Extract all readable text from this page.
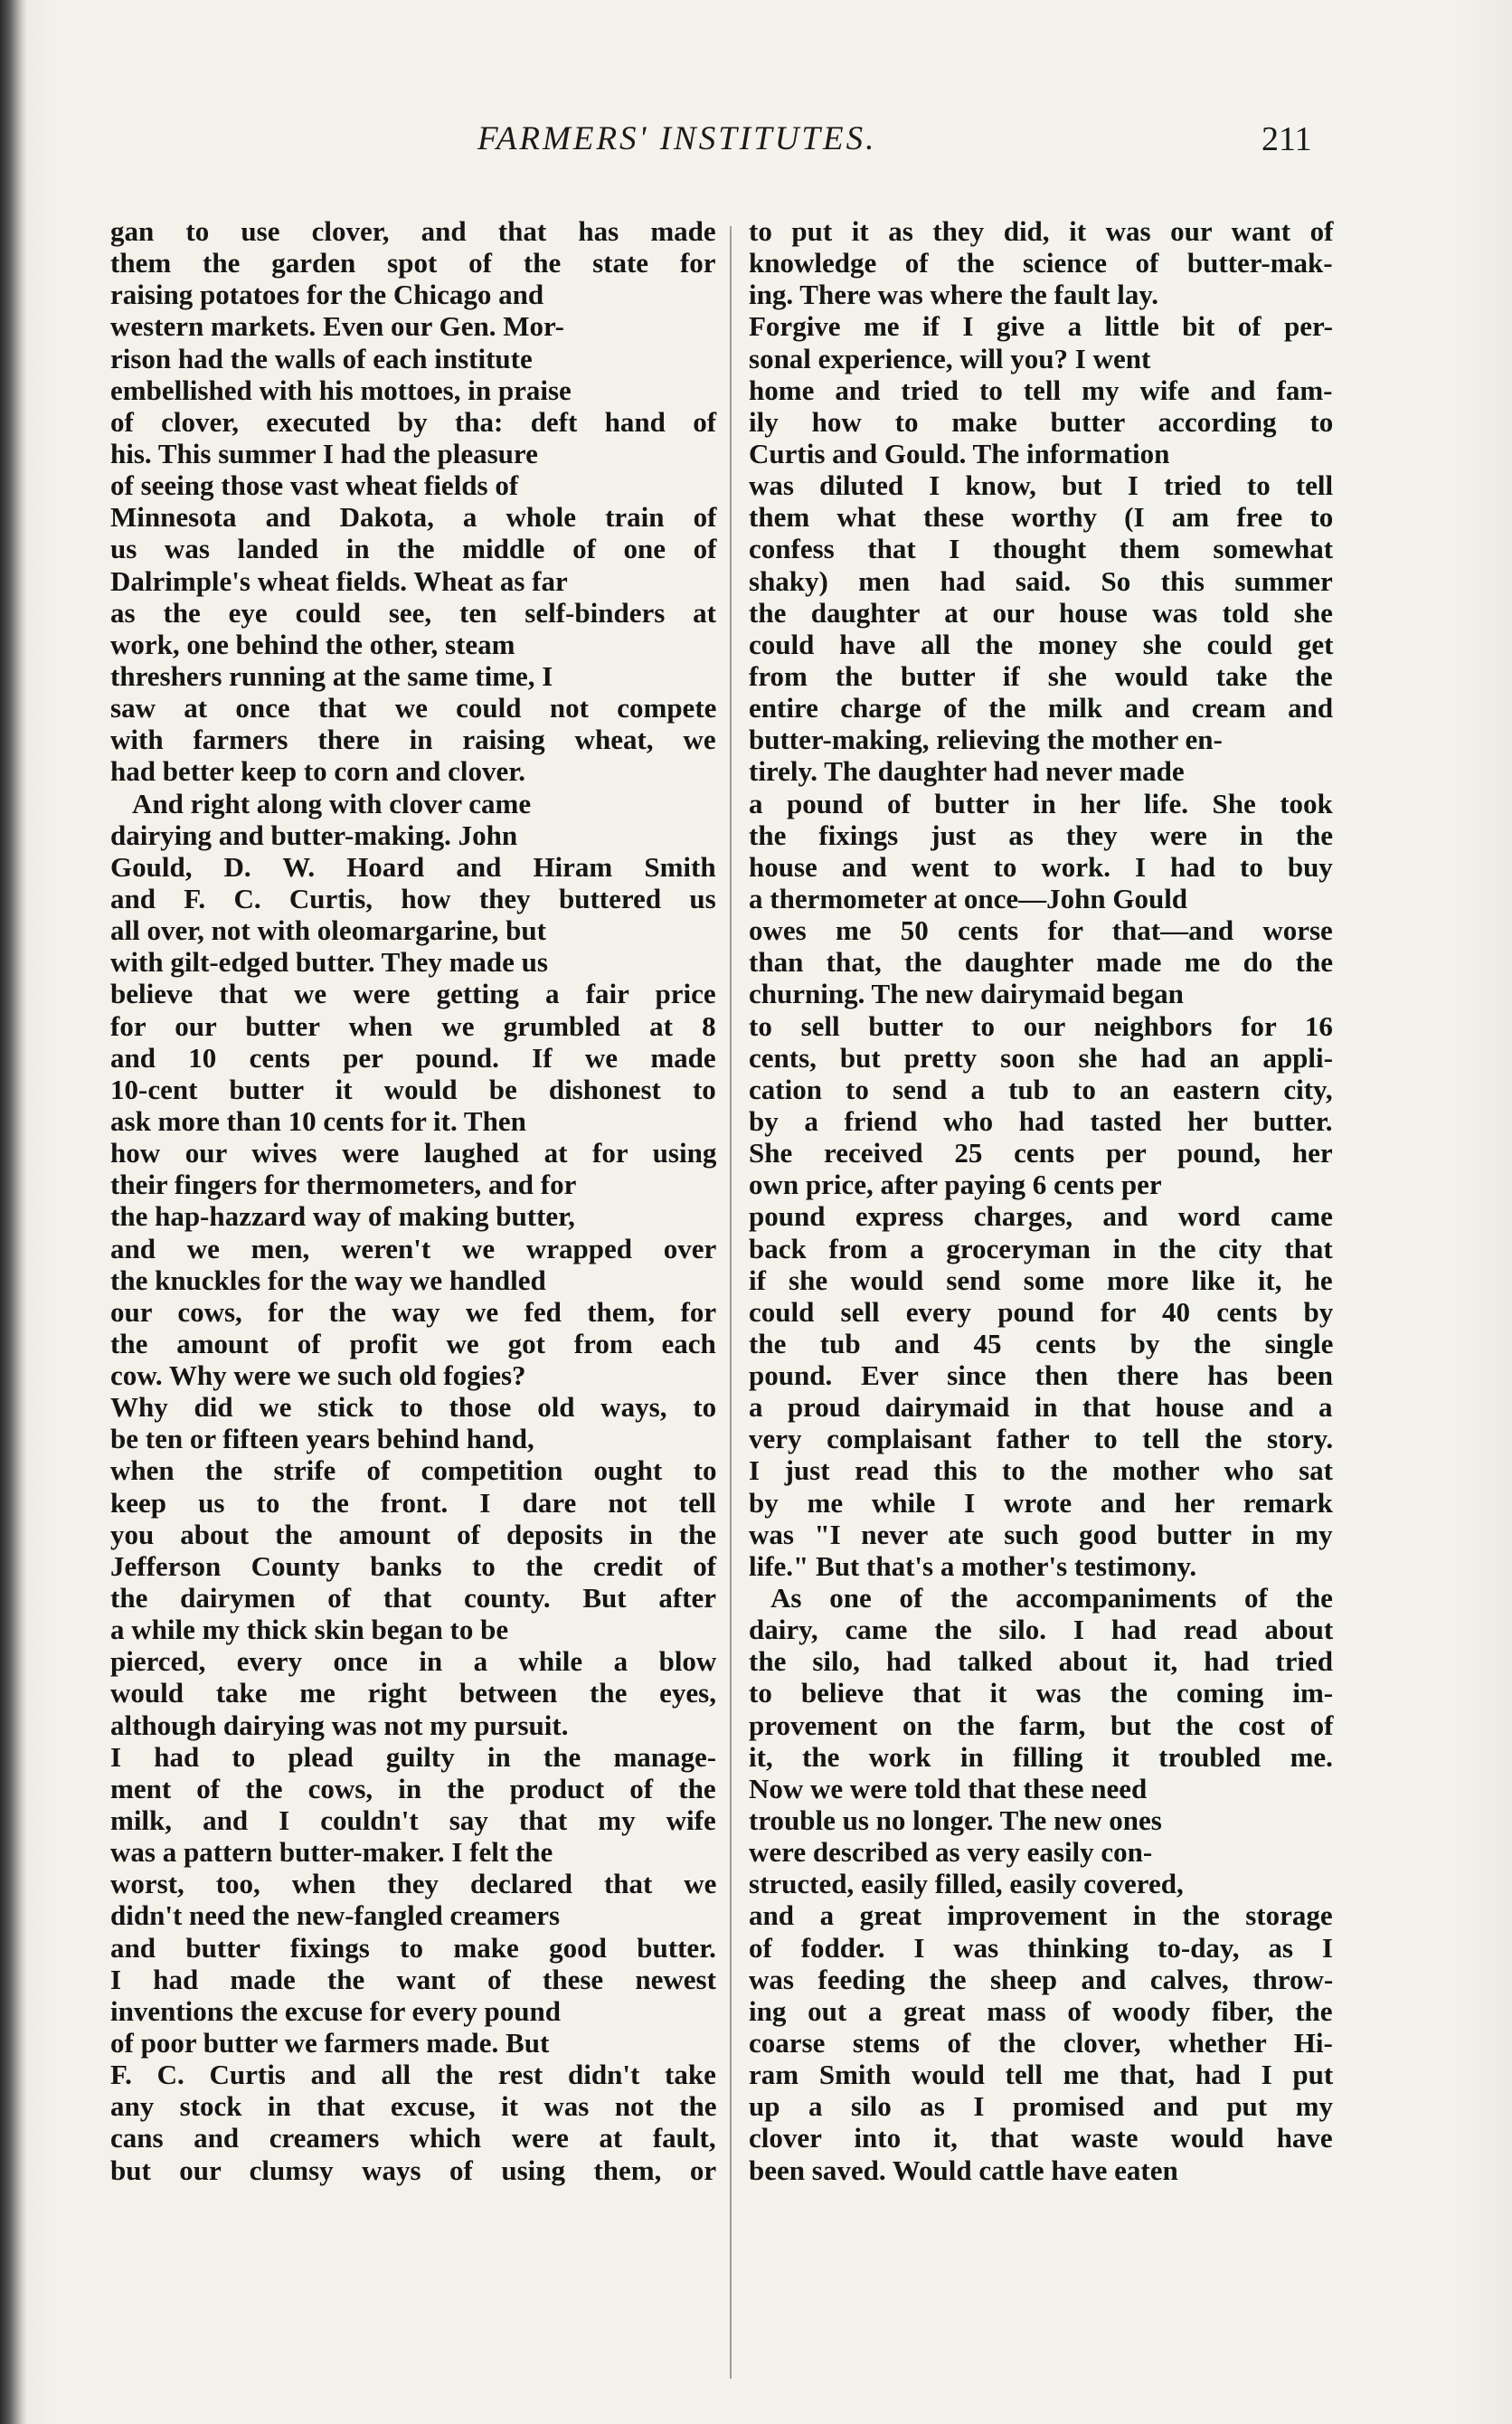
FARMERS' INSTITUTES.	211
gan to use clover, and that has made
them the garden spot of the state for
raising potatoes for the Chicago and
western markets. Even our Gen. Mor-
rison had the walls of each institute
embellished with his mottoes, in praise
of clover, executed by tha: deft hand of
his. This summer I had the pleasure
of seeing those vast wheat fields of
Minnesota and Dakota, a whole train of
us was landed in the middle of one of
Dalrimple's wheat fields. Wheat as far
as the eye could see, ten self-binders at
work, one behind the other, steam
threshers running at the same time, I
saw at once that we could not compete
with farmers there in raising wheat, we
had better keep to corn and clover.
And right along with clover came
dairying and butter-making. John
Gould, D. W. Hoard and Hiram Smith
and F. C. Curtis, how they buttered us
all over, not with oleomargarine, but
with gilt-edged butter. They made us
believe that we were getting a fair price
for our butter when we grumbled at 8
and 10 cents per pound. If we made
10-cent butter it would be dishonest to
ask more than 10 cents for it. Then
how our wives were laughed at for using
their fingers for thermometers, and for
the hap-hazzard way of making butter,
and we men, weren't we wrapped over
the knuckles for the way we handled
our cows, for the way we fed them, for
the amount of profit we got from each
cow. Why were we such old fogies?
Why did we stick to those old ways, to
be ten or fifteen years behind hand,
when the strife of competition ought to
keep us to the front. I dare not tell
you about the amount of deposits in the
Jefferson County banks to the credit of
the dairymen of that county. But after
a while my thick skin began to be
pierced, every once in a while a blow
would take me right between the eyes,
although dairying was not my pursuit.
I had to plead guilty in the manage-
ment of the cows, in the product of the
milk, and I couldn't say that my wife
was a pattern butter-maker. I felt the
worst, too, when they declared that we
didn't need the new-fangled creamers
and butter fixings to make good butter.
I had made the want of these newest
inventions the excuse for every pound
of poor butter we farmers made. But
F. C. Curtis and all the rest didn't take
any stock in that excuse, it was not the
cans and creamers which were at fault,
but our clumsy ways of using them, or
to put it as they did, it was our want of
knowledge of the science of butter-mak-
ing. There was where the fault lay.
Forgive me if I give a little bit of per-
sonal experience, will you? I went
home and tried to tell my wife and fam-
ily how to make butter according to
Curtis and Gould. The information
was diluted I know, but I tried to tell
them what these worthy (I am free to
confess that I thought them somewhat
shaky) men had said. So this summer
the daughter at our house was told she
could have all the money she could get
from the butter if she would take the
entire charge of the milk and cream and
butter-making, relieving the mother en-
tirely. The daughter had never made
a pound of butter in her life. She took
the fixings just as they were in the
house and went to work. I had to buy
a thermometer at once—John Gould
owes me 50 cents for that—and worse
than that, the daughter made me do the
churning. The new dairymaid began
to sell butter to our neighbors for 16
cents, but pretty soon she had an appli-
cation to send a tub to an eastern city,
by a friend who had tasted her butter.
She received 25 cents per pound, her
own price, after paying 6 cents per
pound express charges, and word came
back from a groceryman in the city that
if she would send some more like it, he
could sell every pound for 40 cents by
the tub and 45 cents by the single
pound. Ever since then there has been
a proud dairymaid in that house and a
very complaisant father to tell the story.
I just read this to the mother who sat
by me while I wrote and her remark
was "I never ate such good butter in my
life." But that's a mother's testimony.
As one of the accompaniments of the
dairy, came the silo. I had read about
the silo, had talked about it, had tried
to believe that it was the coming im-
provement on the farm, but the cost of
it, the work in filling it troubled me.
Now we were told that these need
trouble us no longer. The new ones
were described as very easily con-
structed, easily filled, easily covered,
and a great improvement in the storage
of fodder. I was thinking to-day, as I
was feeding the sheep and calves, throw-
ing out a great mass of woody fiber, the
coarse stems of the clover, whether Hi-
ram Smith would tell me that, had I put
up a silo as I promised and put my
clover into it, that waste would have
been saved. Would cattle have eaten
